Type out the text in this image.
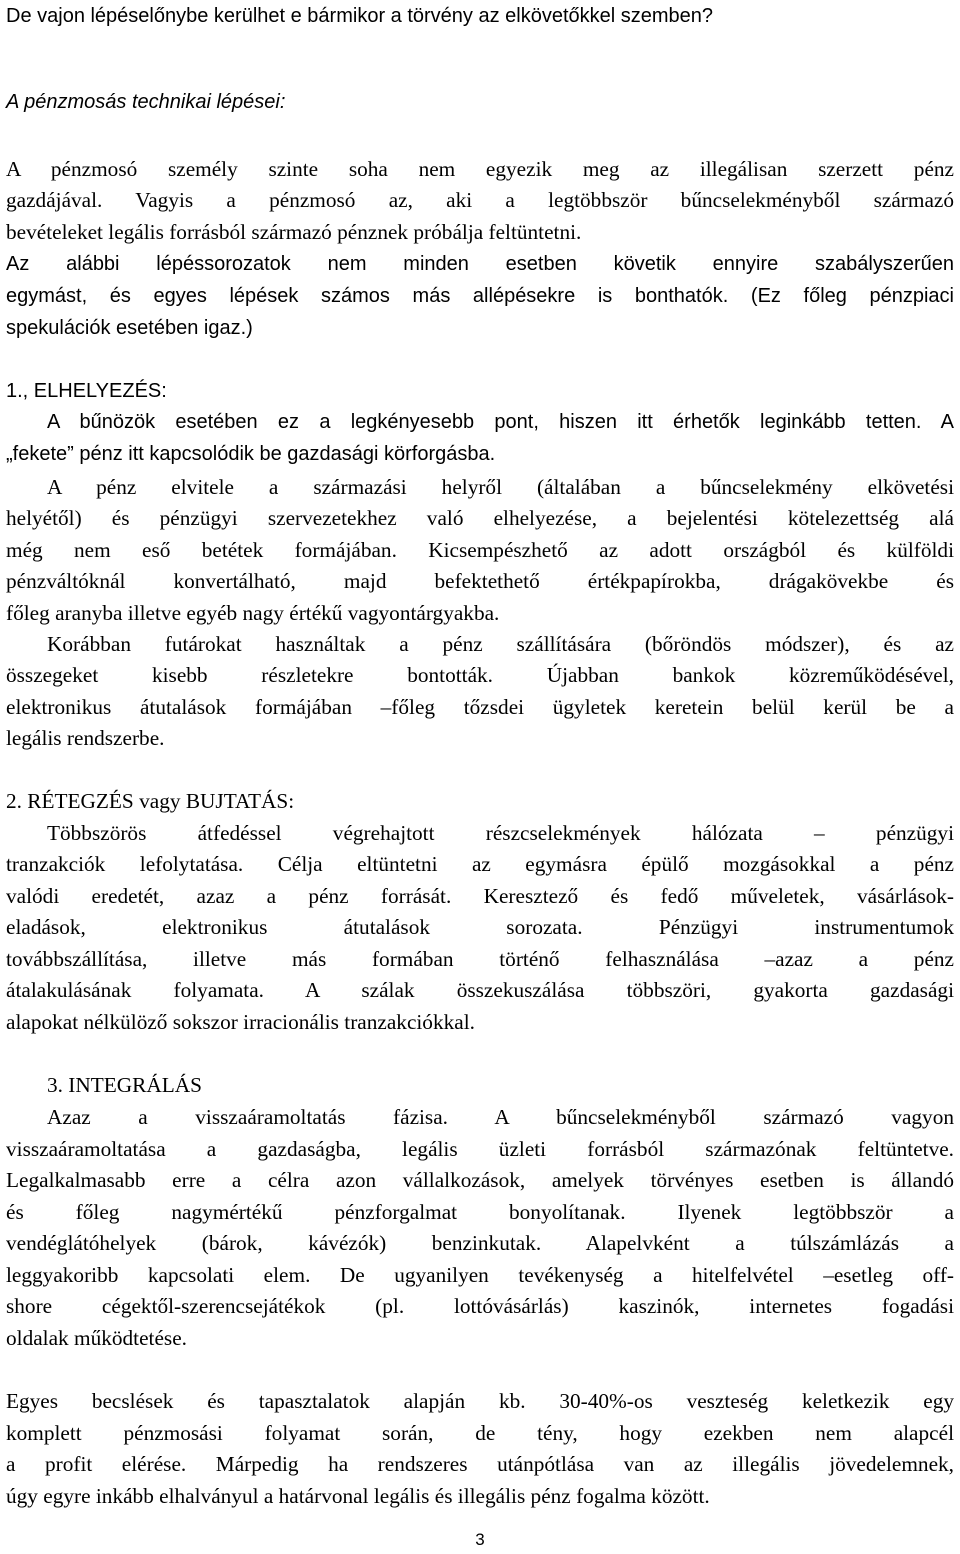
De vajon lépéselőnybe kerülhet e bármikor a törvény az elkövetőkkel szemben?
A pénzmosás technikai lépései:
A pénzmosó személy szinte soha nem egyezik meg az illegálisan szerzett pénz
gazdájával. Vagyis a pénzmosó az, aki a legtöbbször bűncselekményből származó
bevételeket legális forrásból származó pénznek próbálja feltüntetni.
Az alábbi lépéssorozatok nem minden esetben követik ennyire szabályszerűen
egymást, és egyes lépések számos más allépésekre is bonthatók. (Ez főleg pénzpiaci
spekulációk esetében igaz.)
1., ELHELYEZÉS:
A bűnözök esetében ez a legkényesebb pont, hiszen itt érhetők leginkább tetten. A
„fekete” pénz itt kapcsolódik be gazdasági körforgásba.
A pénz elvitele a származási helyről (általában a bűncselekmény elkövetési
helyétől) és pénzügyi szervezetekhez való elhelyezése, a bejelentési kötelezettség alá
még nem eső betétek formájában. Kicsempészhető az adott országból és külföldi
pénzváltóknál konvertálható, majd befektethető értékpapírokba, drágakövekbe és
főleg aranyba illetve egyéb nagy értékű vagyontárgyakba.
Korábban futárokat használtak a pénz szállítására (bőröndös módszer), és az
összegeket kisebb részletekre bontották. Újabban bankok közreműködésével,
elektronikus átutalások formájában –főleg tőzsdei ügyletek keretein belül kerül be a
legális rendszerbe.
2. RÉTEGZÉS vagy BUJTATÁS:
Többszörös átfedéssel végrehajtott részcselekmények hálózata – pénzügyi
tranzakciók lefolytatása. Célja eltüntetni az egymásra épülő mozgásokkal a pénz
valódi eredetét, azaz a pénz forrását. Keresztező és fedő műveletek, vásárlások-
eladások, elektronikus átutalások sorozata. Pénzügyi instrumentumok
továbbszállítása, illetve más formában történő felhasználása –azaz a pénz
átalakulásának folyamata. A szálak összekuszálása többszöri, gyakorta gazdasági
alapokat nélkülöző sokszor irracionális tranzakciókkal.
3. INTEGRÁLÁS
Azaz a visszaáramoltatás fázisa. A bűncselekményből származó vagyon
visszaáramoltatása a gazdaságba, legális üzleti forrásból származónak feltüntetve.
Legalkalmasabb erre a célra azon vállalkozások, amelyek törvényes esetben is állandó
és főleg nagymértékű pénzforgalmat bonyolítanak. Ilyenek legtöbbször a
vendéglátóhelyek (bárok, kávézók) benzinkutak. Alapelvként a túlszámlázás a
leggyakoribb kapcsolati elem. De ugyanilyen tevékenység a hitelfelvétel –esetleg off-
shore cégektől-szerencsejátékok (pl. lottóvásárlás) kaszinók, internetes fogadási
oldalak működtetése.
Egyes becslések és tapasztalatok alapján kb. 30-40%-os veszteség keletkezik egy
komplett pénzmosási folyamat során, de tény, hogy ezekben nem alapcél
a profit elérése. Márpedig ha rendszeres utánpótlása van az illegális jövedelemnek,
úgy egyre inkább elhalványul a határvonal legális és illegális pénz fogalma között.
3
